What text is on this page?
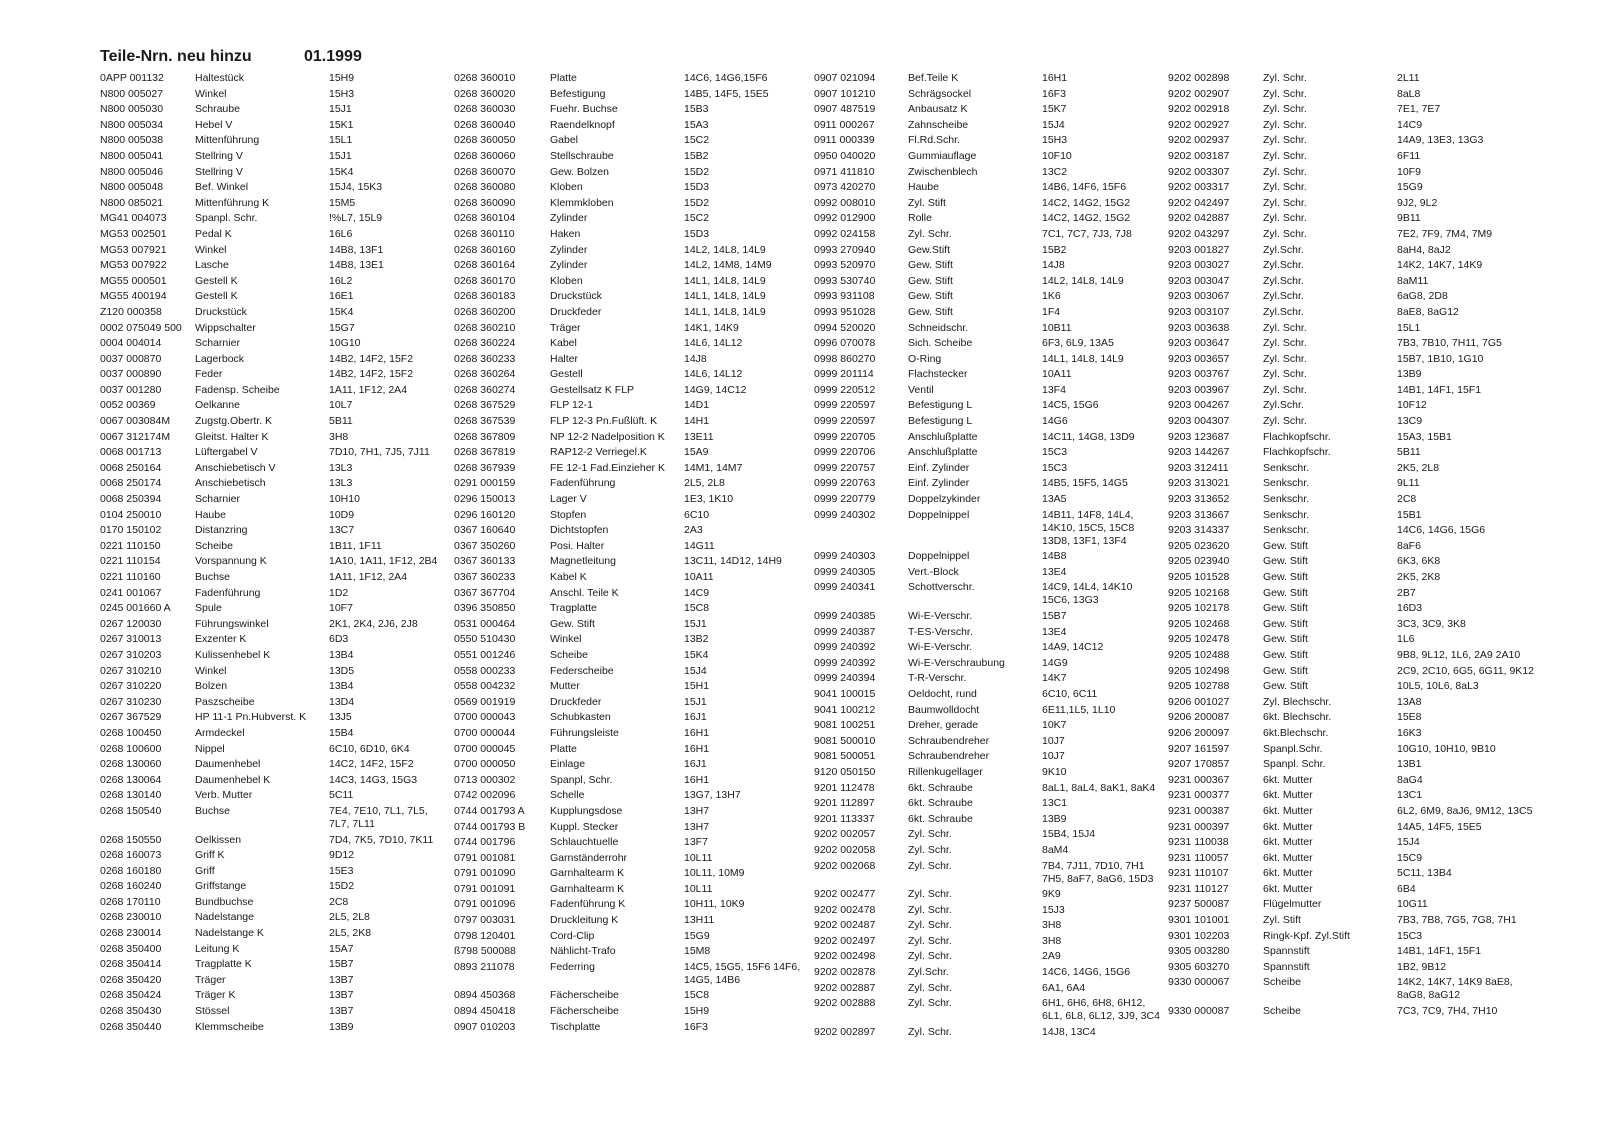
Teile-Nrn. neu hinzu	01.1999
0APP 001132	Haltestück	15H9
N800 005027	Winkel	15H3
N800 005030	Schraube	15J1
N800 005034	Hebel V	15K1
N800 005038	Mittenführung	15L1
N800 005041	Stellring V	15J1
N800 005046	Stellring V	15K4
N800 005048	Bef. Winkel	15J4, 15K3
N800 085021	Mittenführung K	15M5
MG41 004073	Spanpl. Schr.	!%L7, 15L9
MG53 002501	Pedal K	16L6
MG53 007921	Winkel	14B8, 13F1
MG53 007922	Lasche	14B8, 13E1
MG55 000501	Gestell K	16L2
MG55 400194	Gestell K	16E1
Z120 000358	Druckstück	15K4
0002 075049 500	Wippschalter	15G7
0004 004014	Scharnier	10G10
0037 000870	Lagerbock	14B2, 14F2, 15F2
0037 000890	Feder	14B2, 14F2, 15F2
0037 001280	Fadensp. Scheibe	1A11, 1F12, 2A4
0052 00369	Oelkanne	10L7
0067 003084M	Zugstg.Obertr. K	5B11
0067 312174M	Gleitst. Halter K	3H8
0068 001713	Lüftergabel V	7D10, 7H1, 7J5, 7J11
0068 250164	Anschiebetisch V	13L3
0068 250174	Anschiebetisch	13L3
0068 250394	Scharnier	10H10
0104 250010	Haube	10D9
0170 150102	Distanzring	13C7
0221 110150	Scheibe	1B11, 1F11
0221 110154	Vorspannung K	1A10, 1A11, 1F12, 2B4
0221 110160	Buchse	1A11, 1F12, 2A4
0241 001067	Fadenführung	1D2
0245 001660 A	Spule	10F7
0267 120030	Führungswinkel	2K1, 2K4, 2J6, 2J8
0267 310013	Exzenter K	6D3
0267 310203	Kulissenhebel K	13B4
0267 310210	Winkel	13D5
0267 310220	Bolzen	13B4
0267 310230	Paszscheibe	13D4
0267 367529	HP 11-1 Pn.Hubverst. K	13J5
0268 100450	Armdeckel	15B4
0268 100600	Nippel	6C10, 6D10, 6K4
0268 130060	Daumenhebel	14C2, 14F2, 15F2
0268 130064	Daumenhebel K	14C3, 14G3, 15G3
0268 130140	Verb. Mutter	5C11
0268 150540	Buchse	7E4, 7E10, 7L1, 7L5, 7L7, 7L11
0268 150550	Oelkissen	7D4, 7K5, 7D10, 7K11
0268 160073	Griff K	9D12
0268 160180	Griff	15E3
0268 160240	Griffstange	15D2
0268 170110	Bundbuchse	2C8
0268 230010	Nadelstange	2L5, 2L8
0268 230014	Nadelstange K	2L5, 2K8
0268 350400	Leitung K	15A7
0268 350414	Tragplatte K	15B7
0268 350420	Träger	13B7
0268 350424	Träger K	13B7
0268 350430	Stössel	13B7
0268 350440	Klemmscheibe	13B9
0268 360010	Platte	14C6, 14G6,15F6
0268 360020	Befestigung	14B5, 14F5, 15E5
0268 360030	Fuehr. Buchse	15B3
0268 360040	Raendelknopf	15A3
0268 360050	Gabel	15C2
0268 360060	Stellschraube	15B2
0268 360070	Gew. Bolzen	15D2
0268 360080	Kloben	15D3
0268 360090	Klemmkloben	15D2
0268 360104	Zylinder	15C2
0268 360110	Haken	15D3
0268 360160	Zylinder	14L2, 14L8, 14L9
0268 360164	Zylinder	14L2, 14M8, 14M9
0268 360170	Kloben	14L1, 14L8, 14L9
0268 360183	Druckstück	14L1, 14L8, 14L9
0268 360200	Druckfeder	14L1, 14L8, 14L9
0268 360210	Träger	14K1, 14K9
0268 360224	Kabel	14L6, 14L12
0268 360233	Halter	14J8
0268 360264	Gestell	14L6, 14L12
0268 360274	Gestellsatz K FLP	14G9, 14C12
0268 367529	FLP 12-1	14D1
0268 367539	FLP 12-3 Pn.Fußlüft. K	14H1
0268 367809	NP 12-2 Nadelposition K	13E11
0268 367819	RAP12-2 Verriegel.K	15A9
0268 367939	FE 12-1 Fad.Einzieher K	14M1, 14M7
0291 000159	Fadenführung	2L5, 2L8
0296 150013	Lager V	1E3, 1K10
0296 160120	Stopfen	6C10
0367 160640	Dichtstopfen	2A3
0367 350260	Posi. Halter	14G11
0367 360133	Magnetleitung	13C11, 14D12, 14H9
0367 360233	Kabel K	10A11
0367 367704	Anschl. Teile K	14C9
0396 350850	Tragplatte	15C8
0531 000464	Gew. Stift	15J1
0550 510430	Winkel	13B2
0551 001246	Scheibe	15K4
0558 000233	Federscheibe	15J4
0558 004232	Mutter	15H1
0569 001919	Druckfeder	15J1
0700 000043	Schubkasten	16J1
0700 000044	Führungsleiste	16H1
0700 000045	Platte	16H1
0700 000050	Einlage	16J1
0713 000302	Spanpl, Schr.	16H1
0742 002096	Schelle	13G7, 13H7
0744 001793 A	Kupplungsdose	13H7
0744 001793 B	Kuppl. Stecker	13H7
0744 001796	Schlauchtuelle	13F7
0791 001081	Garnständerrohr	10L11
0791 001090	Garnhaltearm K	10L11, 10M9
0791 001091	Garnhaltearm K	10L11
0791 001096	Fadenführung K	10H11, 10K9
0797 003031	Druckleitung K	13H11
0798 120401	Cord-Clip	15G9
ß798 500088	Nählicht-Trafo	15M8
0893 211078	Federring	14C5, 15G5, 15F6 14F6, 14G5, 14B6
0894 450368	Fächerscheibe	15C8
0894 450418	Fächerscheibe	15H9
0907 010203	Tischplatte	16F3
0907 021094	Bef.Teile K	16H1
0907 101210	Schrägsockel	16F3
0907 487519	Anbausatz K	15K7
0911 000267	Zahnscheibe	15J4
0911 000339	Fl.Rd.Schr.	15H3
0950 040020	Gummiauflage	10F10
0971 411810	Zwischenblech	13C2
0973 420270	Haube	14B6, 14F6, 15F6
0992 008010	Zyl. Stift	14C2, 14G2, 15G2
0992 012900	Rolle	14C2, 14G2, 15G2
0992 024158	Zyl. Schr.	7C1, 7C7, 7J3, 7J8
0993 270940	Gew.Stift	15B2
0993 520970	Gew. Stift	14J8
0993 530740	Gew. Stift	14L2, 14L8, 14L9
0993 931108	Gew. Stift	1K6
0993 951028	Gew. Stift	1F4
0994 520020	Schneidschr.	10B11
0996 070078	Sich. Scheibe	6F3, 6L9, 13A5
0998 860270	O-Ring	14L1, 14L8, 14L9
0999 201114	Flachstecker	10A11
0999 220512	Ventil	13F4
0999 220597	Befestigung L	14C5, 15G6
0999 220597	Befestigung L	14G6
0999 220705	Anschlußplatte	14C11, 14G8, 13D9
0999 220706	Anschlußplatte	15C3
0999 220757	Einf. Zylinder	15C3
0999 220763	Einf. Zylinder	14B5, 15F5, 14G5
0999 220779	Doppelzykinder	13A5
0999 240302	Doppelnippel	14B11, 14F8, 14L4, 14K10, 15C5, 15C8 13D8, 13F1, 13F4
0999 240303	Doppelnippel	14B8
0999 240305	Vert.-Block	13E4
0999 240341	Schottverschr.	14C9, 14L4, 14K10 15C6, 13G3
0999 240385	Wi-E-Verschr.	15B7
0999 240387	T-ES-Verschr.	13E4
0999 240392	Wi-E-Verschr.	14A9, 14C12
0999 240392	Wi-E-Verschraubung	14G9
0999 240394	T-R-Verschr.	14K7
9041 100015	Oeldocht, rund	6C10, 6C11
9041 100212	Baumwolldocht	6E11,1L5, 1L10
9081 100251	Dreher, gerade	10K7
9081 500010	Schraubendreher	10J7
9081 500051	Schraubendreher	10J7
9120 050150	Rillenkugellager	9K10
9201 112478	6kt. Schraube	8aL1, 8aL4, 8aK1, 8aK4
9201 112897	6kt. Schraube	13C1
9201 113337	6kt. Schraube	13B9
9202 002057	Zyl. Schr.	15B4, 15J4
9202 002058	Zyl. Schr.	8aM4
9202 002068	Zyl. Schr.	7B4, 7J11, 7D10, 7H1 7H5, 8aF7, 8aG6, 15D3
9202 002477	Zyl. Schr.	9K9
9202 002478	Zyl. Schr.	15J3
9202 002487	Zyl. Schr.	3H8
9202 002497	Zyl. Schr.	3H8
9202 002498	Zyl. Schr.	2A9
9202 002878	Zyl.Schr.	14C6, 14G6, 15G6
9202 002887	Zyl. Schr.	6A1, 6A4
9202 002888	Zyl. Schr.	6H1, 6H6, 6H8, 6H12, 6L1, 6L8, 6L12, 3J9, 3C4
9202 002897	Zyl. Schr.	14J8, 13C4
9202 002898	Zyl. Schr.	2L11
9202 002907	Zyl. Schr.	8aL8
9202 002918	Zyl. Schr.	7E1, 7E7
9202 002927	Zyl. Schr.	14C9
9202 002937	Zyl. Schr.	14A9, 13E3, 13G3
9202 003187	Zyl. Schr.	6F11
9202 003307	Zyl. Schr.	10F9
9202 003317	Zyl. Schr.	15G9
9202 042497	Zyl. Schr.	9J2, 9L2
9202 042887	Zyl. Schr.	9B11
9202 043297	Zyl. Schr.	7E2, 7F9, 7M4, 7M9
9203 001827	Zyl.Schr.	8aH4, 8aJ2
9203 003027	Zyl.Schr.	14K2, 14K7, 14K9
9203 003047	Zyl.Schr.	8aM11
9203 003067	Zyl.Schr.	6aG8, 2D8
9203 003107	Zyl.Schr.	8aE8, 8aG12
9203 003638	Zyl. Schr.	15L1
9203 003647	Zyl. Schr.	7B3, 7B10, 7H11, 7G5
9203 003657	Zyl. Schr.	15B7, 1B10, 1G10
9203 003767	Zyl. Schr.	13B9
9203 003967	Zyl. Schr.	14B1, 14F1, 15F1
9203 004267	Zyl.Schr.	10F12
9203 004307	Zyl. Schr.	13C9
9203 123687	Flachkopfschr.	15A3, 15B1
9203 144267	Flachkopfschr.	5B11
9203 312411	Senkschr.	2K5, 2L8
9203 313021	Senkschr.	9L11
9203 313652	Senkschr.	2C8
9203 313667	Senkschr.	15B1
9203 314337	Senkschr.	14C6, 14G6, 15G6
9205 023620	Gew. Stift	8aF6
9205 023940	Gew. Stift	6K3, 6K8
9205 101528	Gew. Stift	2K5, 2K8
9205 102168	Gew. Stift	2B7
9205 102178	Gew. Stift	16D3
9205 102468	Gew. Stift	3C3, 3C9, 3K8
9205 102478	Gew. Stift	1L6
9205 102488	Gew. Stift	9B8, 9L12, 1L6, 2A9 2A10
9205 102498	Gew. Stift	2C9, 2C10, 6G5, 6G11, 9K12
9205 102788	Gew. Stift	10L5, 10L6, 8aL3
9206 001027	Zyl. Blechschr.	13A8
9206 200087	6kt. Blechschr.	15E8
9206 200097	6kt.Blechschr.	16K3
9207 161597	Spanpl.Schr.	10G10, 10H10, 9B10
9207 170857	Spanpl. Schr.	13B1
9231 000367	6kt. Mutter	8aG4
9231 000377	6kt. Mutter	13C1
9231 000387	6kt. Mutter	6L2, 6M9, 8aJ6, 9M12, 13C5
9231 000397	6kt. Mutter	14A5, 14F5, 15E5
9231 110038	6kt. Mutter	15J4
9231 110057	6kt. Mutter	15C9
9231 110107	6kt. Mutter	5C11, 13B4
9231 110127	6kt. Mutter	6B4
9237 500087	Flügelmutter	10G11
9301 101001	Zyl. Stift	7B3, 7B8, 7G5, 7G8, 7H1
9301 102203	Ringk-Kpf. Zyl.Stift	15C3
9305 003280	Spannstift	14B1, 14F1, 15F1
9305 603270	Spannstift	1B2, 9B12
9330 000067	Scheibe	14K2, 14K7, 14K9 8aE8, 8aG8, 8aG12
9330 000087	Scheibe	7C3, 7C9, 7H4, 7H10
